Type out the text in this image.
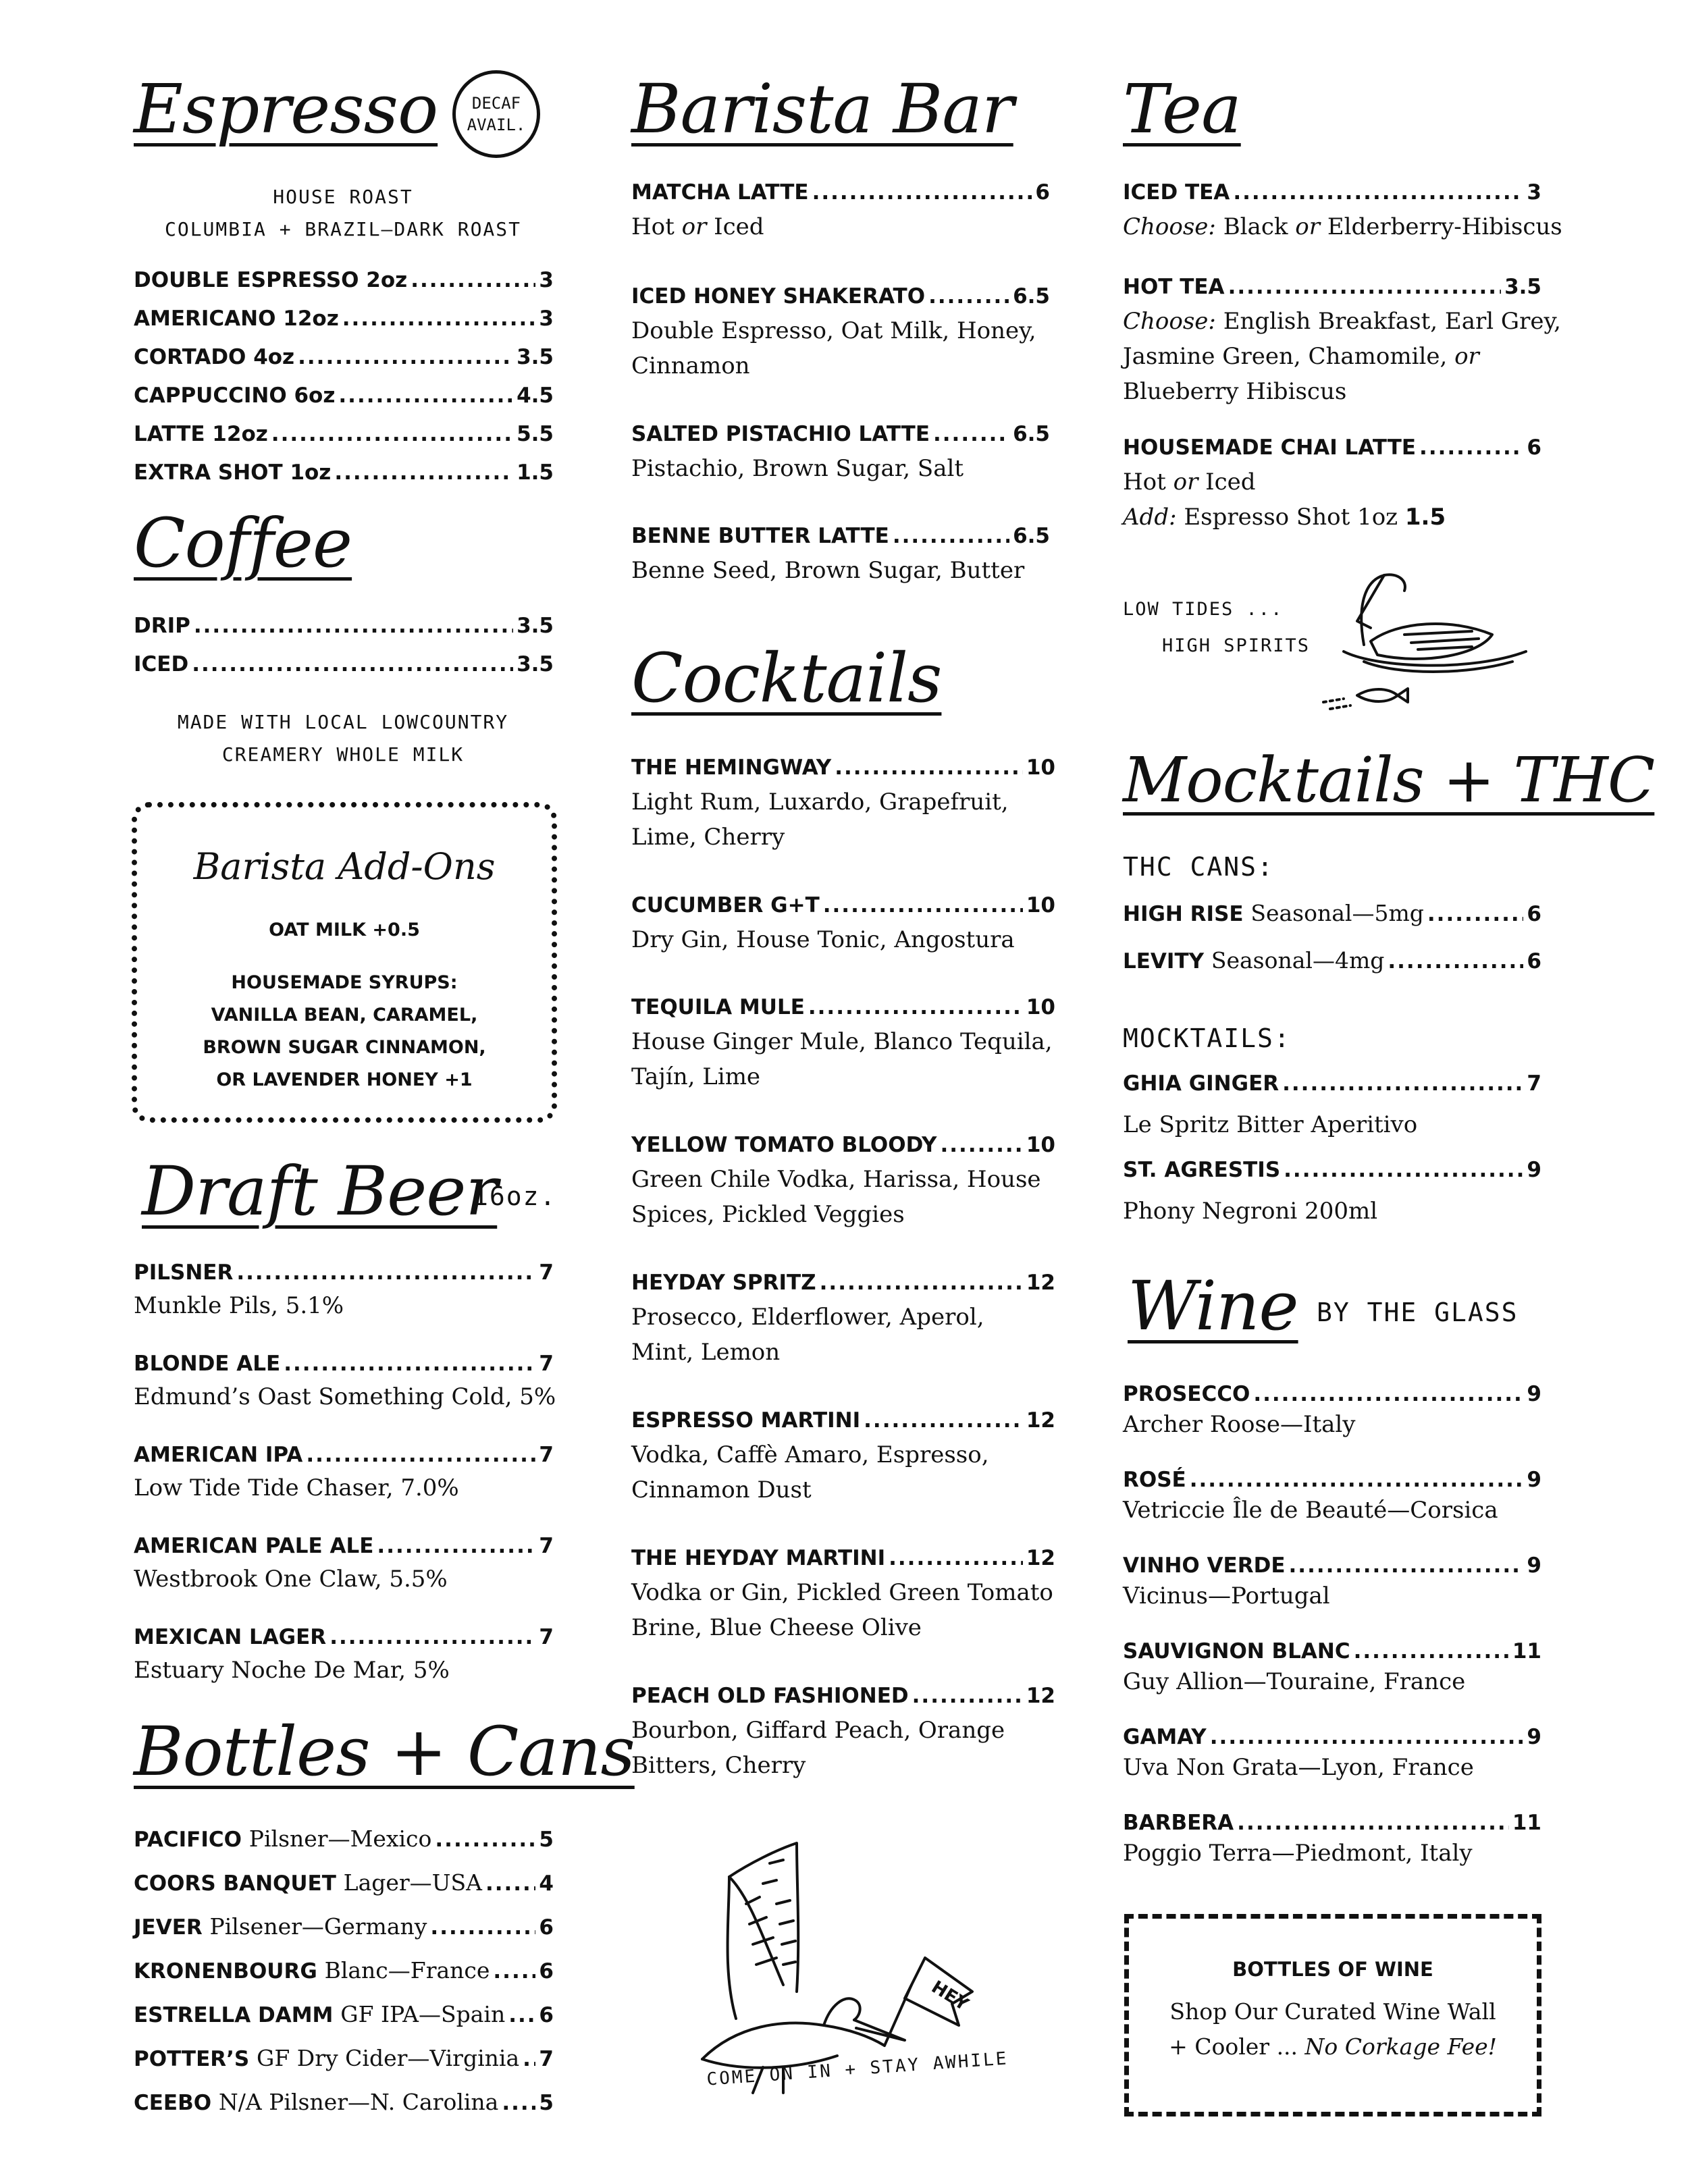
Espresso	DECAF
AVAIL.
HOUSE ROAST
COLUMBIA + BRAZIL—DARK ROAST
DOUBLE ESPRESSO 2oz .....	3
AMERICANO 12oz .....	3
CORTADO 4oz .....	3.5
CAPPUCCINO 6oz .....	4.5
LATTE 12oz .....	5.5
EXTRA SHOT 1oz .....	1.5
Coffee
DRIP .....	3.5
ICED .....	3.5
MADE WITH LOCAL LOWCOUNTRY
CREAMERY WHOLE MILK
Barista Add-Ons
OAT MILK +0.5
HOUSEMADE SYRUPS:
VANILLA BEAN, CARAMEL,
BROWN SUGAR CINNAMON,
OR LAVENDER HONEY +1
Draft Beer
16oz.
PILSNER .....	7
Munkle Pils, 5.1%
BLONDE ALE .....	7
Edmund’s Oast Something Cold, 5%
AMERICAN IPA .....	7
Low Tide Tide Chaser, 7.0%
AMERICAN PALE ALE .....	7
Westbrook One Claw, 5.5%
MEXICAN LAGER .....	7
Estuary Noche De Mar, 5%
Bottles + Cans
PACIFICO Pilsner—Mexico .....	5
COORS BANQUET Lager—USA .....	4
JEVER Pilsener—Germany .....	6
KRONENBOURG Blanc—France ..... 6
ESTRELLA DAMM GF IPA—Spain ..... 6
POTTER’S GF Dry Cider—Virginia ..... 7
CEEBO N/A Pilsner—N. Carolina ..... 5
Barista Bar
MATCHA LATTE .....	6
Hot or Iced
ICED HONEY SHAKERATO .....	6.5
Double Espresso, Oat Milk, Honey,
Cinnamon
SALTED PISTACHIO LATTE .....	6.5
Pistachio, Brown Sugar, Salt
BENNE BUTTER LATTE .....	6.5
Benne Seed, Brown Sugar, Butter
Cocktails
THE HEMINGWAY .....	10
Light Rum, Luxardo, Grapefruit,
Lime, Cherry
CUCUMBER G+T .....	10
Dry Gin, House Tonic, Angostura
TEQUILA MULE .....	10
House Ginger Mule, Blanco Tequila,
Tajín, Lime
YELLOW TOMATO BLOODY .....	10
Green Chile Vodka, Harissa, House
Spices, Pickled Veggies
HEYDAY SPRITZ .....	12
Prosecco, Elderflower, Aperol,
Mint, Lemon
ESPRESSO MARTINI .....	12
Vodka, Caffè Amaro, Espresso,
Cinnamon Dust
THE HEYDAY MARTINI .....	12
Vodka or Gin, Pickled Green Tomato
Brine, Blue Cheese Olive
PEACH OLD FASHIONED .....	12
Bourbon, Giffard Peach, Orange
Bitters, Cherry
HEY
COME ON IN + STAY AWHILE
Tea
ICED TEA .....	3
Choose: Black or Elderberry-Hibiscus
HOT TEA .....	3.5
Choose: English Breakfast, Earl Grey,
Jasmine Green, Chamomile, or
Blueberry Hibiscus
HOUSEMADE CHAI LATTE .....	6
Hot or Iced
Add: Espresso Shot 1oz 1.5
LOW TIDES ...
HIGH SPIRITS
Mocktails + THC
THC CANS:
HIGH RISE Seasonal—5mg .....	6
LEVITY Seasonal—4mg .....	6
MOCKTAILS:
GHIA GINGER .....	7
Le Spritz Bitter Aperitivo
ST. AGRESTIS .....	9
Phony Negroni 200ml
Wine BY THE GLASS
PROSECCO .....	9
Archer Roose—Italy
ROSÉ .....	9
Vetriccie Île de Beauté—Corsica
VINHO VERDE .....	9
Vicinus—Portugal
SAUVIGNON BLANC .....	11
Guy Allion—Touraine, France
GAMAY .....	9
Uva Non Grata—Lyon, France
BARBERA .....	11
Poggio Terra—Piedmont, Italy
BOTTLES OF WINE
Shop Our Curated Wine Wall
+ Cooler ... No Corkage Fee!
